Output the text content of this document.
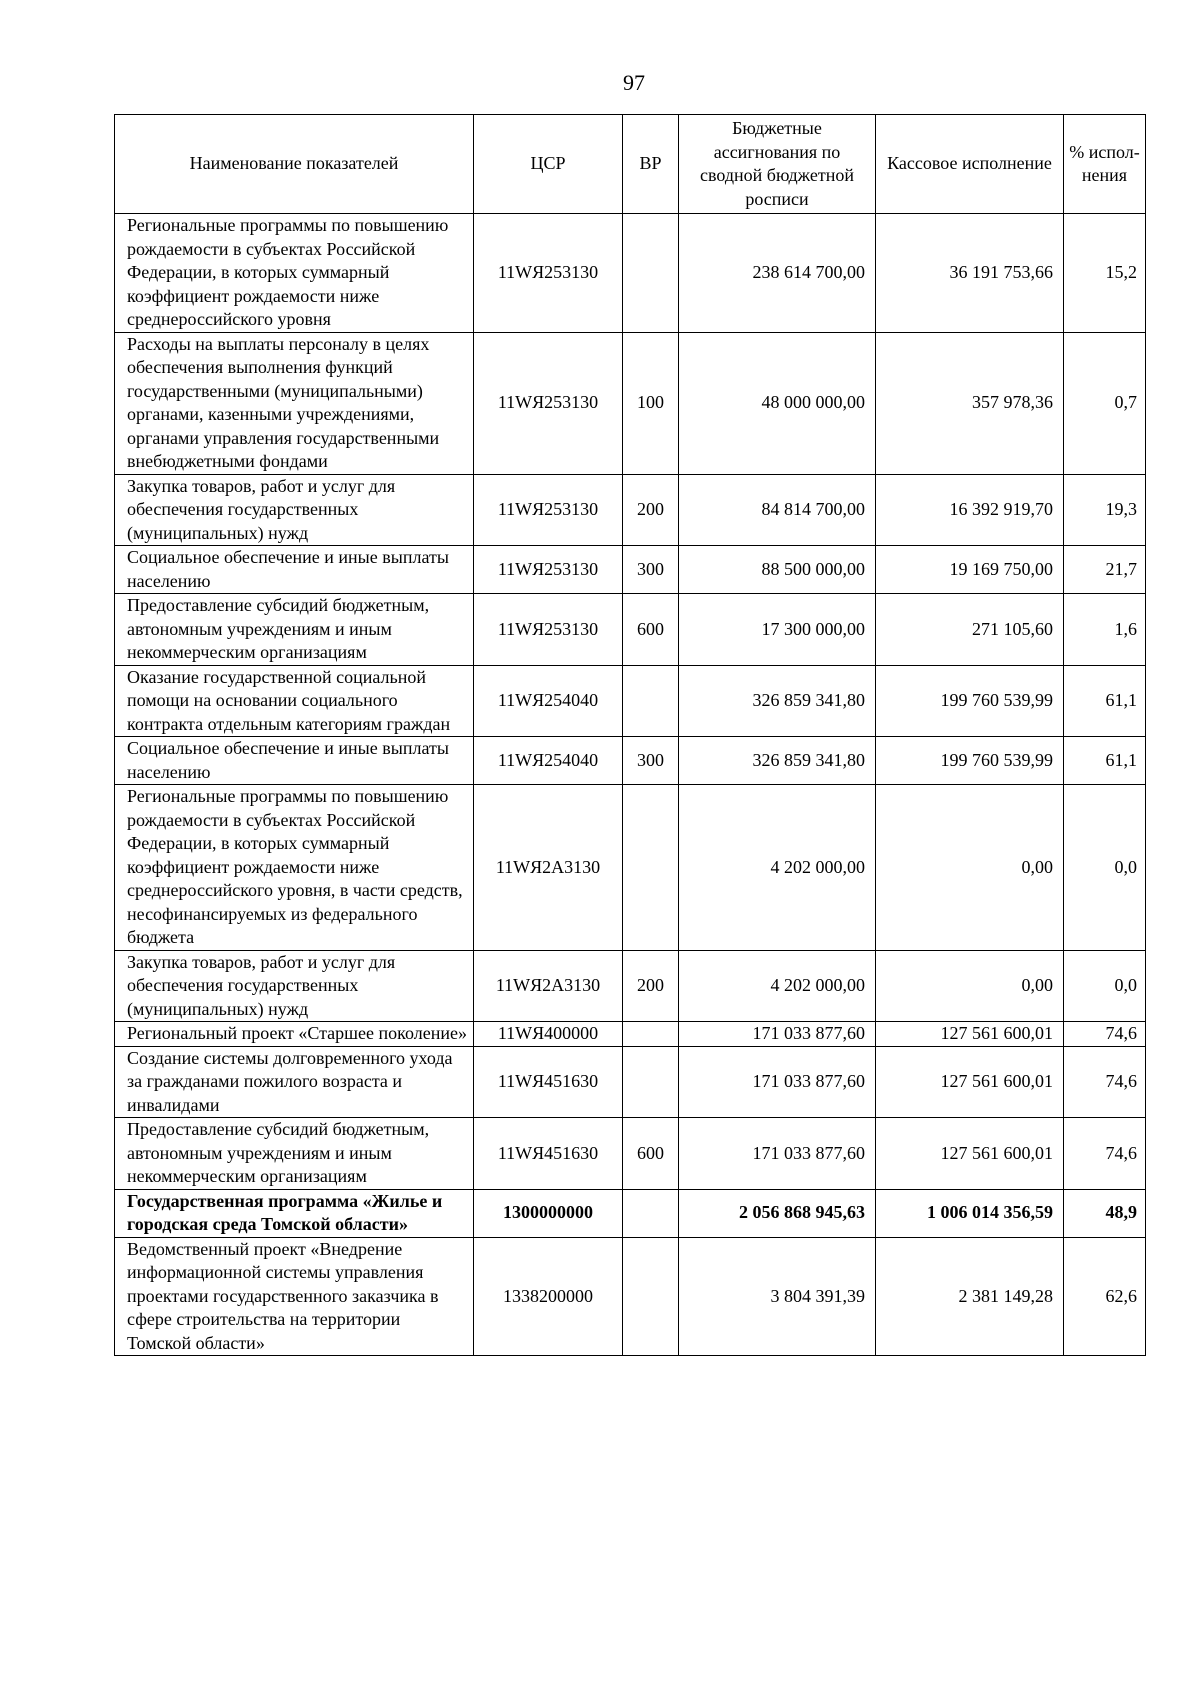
97
Наименование показателей	ЦСР	ВР	Бюджетные ассигнования по сводной бюджетной росписи	Кассовое исполнение	% испол-нения
Региональные программы по повышению рождаемости в субъектах Российской Федерации, в которых суммарный коэффициент рождаемости ниже среднероссийского уровня	11WЯ253130		238 614 700,00	36 191 753,66	15,2
Расходы на выплаты персоналу в целях обеспечения выполнения функций государственными (муниципальными) органами, казенными учреждениями, органами управления государственными внебюджетными фондами	11WЯ253130	100	48 000 000,00	357 978,36	0,7
Закупка товаров, работ и услуг для обеспечения государственных (муниципальных) нужд	11WЯ253130	200	84 814 700,00	16 392 919,70	19,3
Социальное обеспечение и иные выплаты населению	11WЯ253130	300	88 500 000,00	19 169 750,00	21,7
Предоставление субсидий бюджетным, автономным учреждениям и иным некоммерческим организациям	11WЯ253130	600	17 300 000,00	271 105,60	1,6
Оказание государственной социальной помощи на основании социального контракта отдельным категориям граждан	11WЯ254040		326 859 341,80	199 760 539,99	61,1
Социальное обеспечение и иные выплаты населению	11WЯ254040	300	326 859 341,80	199 760 539,99	61,1
Региональные программы по повышению рождаемости в субъектах Российской Федерации, в которых суммарный коэффициент рождаемости ниже среднероссийского уровня, в части средств, несофинансируемых из федерального бюджета	11WЯ2А3130		4 202 000,00	0,00	0,0
Закупка товаров, работ и услуг для обеспечения государственных (муниципальных) нужд	11WЯ2А3130	200	4 202 000,00	0,00	0,0
Региональный проект «Старшее поколение»	11WЯ400000		171 033 877,60	127 561 600,01	74,6
Создание системы долговременного ухода за гражданами пожилого возраста и инвалидами	11WЯ451630		171 033 877,60	127 561 600,01	74,6
Предоставление субсидий бюджетным, автономным учреждениям и иным некоммерческим организациям	11WЯ451630	600	171 033 877,60	127 561 600,01	74,6
Государственная программа «Жилье и городская среда Томской области»	1300000000		2 056 868 945,63	1 006 014 356,59	48,9
Ведомственный проект «Внедрение информационной системы управления проектами государственного заказчика в сфере строительства на территории Томской области»	1338200000		3 804 391,39	2 381 149,28	62,6
